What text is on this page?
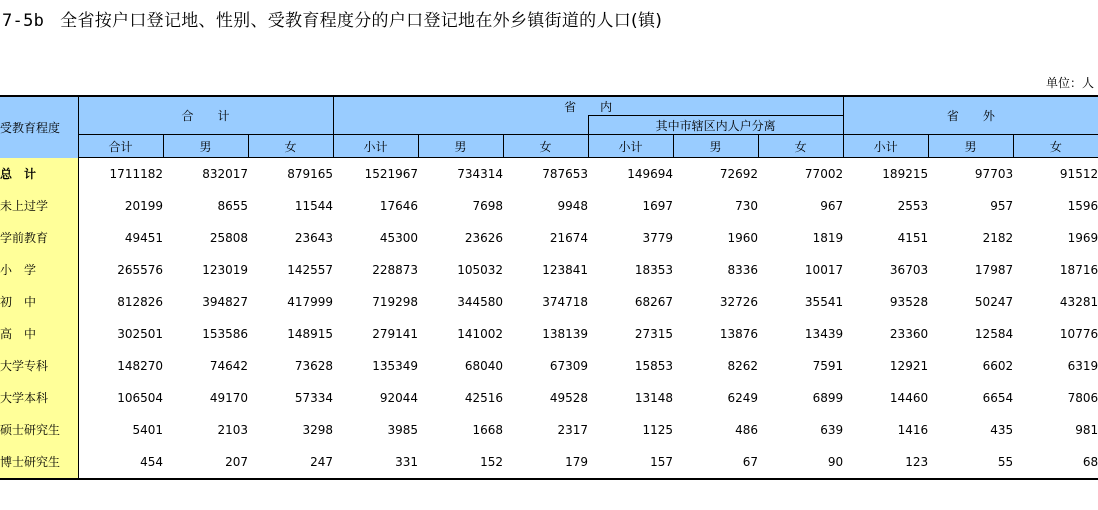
7-5b 全省按户口登记地、性别、受教育程度分的户口登记地在外乡镇街道的人口(镇)
单位：人
受教育程度	合　　计			省　　内						省　　外		
							其中市辖区内人户分离					
	合计	男	女	小计	男	女	小计	男	女	小计	男	女
总　计	1711182	832017	879165	1521967	734314	787653	149694	72692	77002	189215	97703	91512
未上过学	20199	8655	11544	17646	7698	9948	1697	730	967	2553	957	1596
学前教育	49451	25808	23643	45300	23626	21674	3779	1960	1819	4151	2182	1969
小　学	265576	123019	142557	228873	105032	123841	18353	8336	10017	36703	17987	18716
初　中	812826	394827	417999	719298	344580	374718	68267	32726	35541	93528	50247	43281
高　中	302501	153586	148915	279141	141002	138139	27315	13876	13439	23360	12584	10776
大学专科	148270	74642	73628	135349	68040	67309	15853	8262	7591	12921	6602	6319
大学本科	106504	49170	57334	92044	42516	49528	13148	6249	6899	14460	6654	7806
硕士研究生	5401	2103	3298	3985	1668	2317	1125	486	639	1416	435	981
博士研究生	454	207	247	331	152	179	157	67	90	123	55	68
